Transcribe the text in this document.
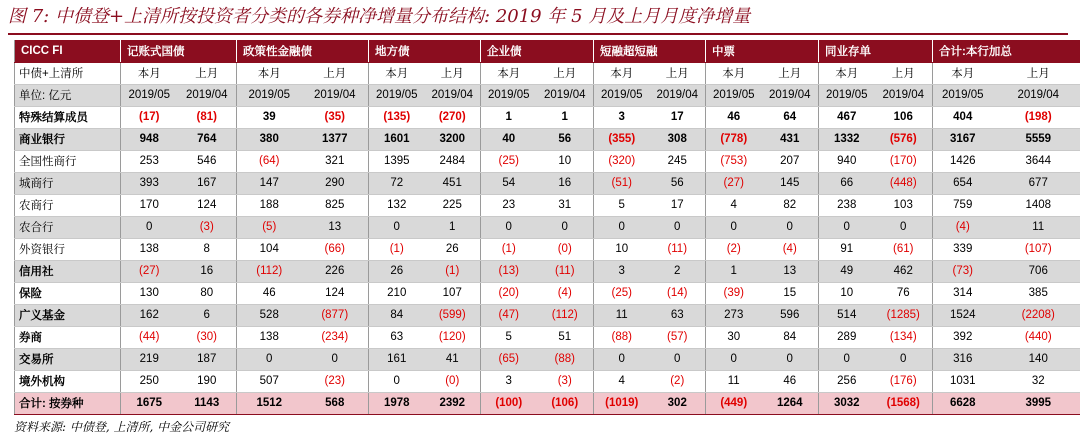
图 7: 中债登+上清所按投资者分类的各券种净增量分布结构: 2019 年 5 月及上月月度净增量
CICC FI	记账式国债		政策性金融债		地方债		企业债		短融超短融		中票		同业存单		合计:本行加总	
中债+上清所	本月	上月	本月	上月	本月	上月	本月	上月	本月	上月	本月	上月	本月	上月	本月	上月
单位: 亿元	2019/05	2019/04	2019/05	2019/04	2019/05	2019/04	2019/05	2019/04	2019/05	2019/04	2019/05	2019/04	2019/05	2019/04	2019/05	2019/04
特殊结算成员	(17)	(81)	39	(35)	(135)	(270)	1	1	3	17	46	64	467	106	404	(198)
商业银行	948	764	380	1377	1601	3200	40	56	(355)	308	(778)	431	1332	(576)	3167	5559
全国性商行	253	546	(64)	321	1395	2484	(25)	10	(320)	245	(753)	207	940	(170)	1426	3644
城商行	393	167	147	290	72	451	54	16	(51)	56	(27)	145	66	(448)	654	677
农商行	170	124	188	825	132	225	23	31	5	17	4	82	238	103	759	1408
农合行	0	(3)	(5)	13	0	1	0	0	0	0	0	0	0	0	(4)	11
外资银行	138	8	104	(66)	(1)	26	(1)	(0)	10	(11)	(2)	(4)	91	(61)	339	(107)
信用社	(27)	16	(112)	226	26	(1)	(13)	(11)	3	2	1	13	49	462	(73)	706
保险	130	80	46	124	210	107	(20)	(4)	(25)	(14)	(39)	15	10	76	314	385
广义基金	162	6	528	(877)	84	(599)	(47)	(112)	11	63	273	596	514	(1285)	1524	(2208)
券商	(44)	(30)	138	(234)	63	(120)	5	51	(88)	(57)	30	84	289	(134)	392	(440)
交易所	219	187	0	0	161	41	(65)	(88)	0	0	0	0	0	0	316	140
境外机构	250	190	507	(23)	0	(0)	3	(3)	4	(2)	11	46	256	(176)	1031	32
合计: 按券种	1675	1143	1512	568	1978	2392	(100)	(106)	(1019)	302	(449)	1264	3032	(1568)	6628	3995
资料来源: 中债登, 上清所, 中金公司研究
